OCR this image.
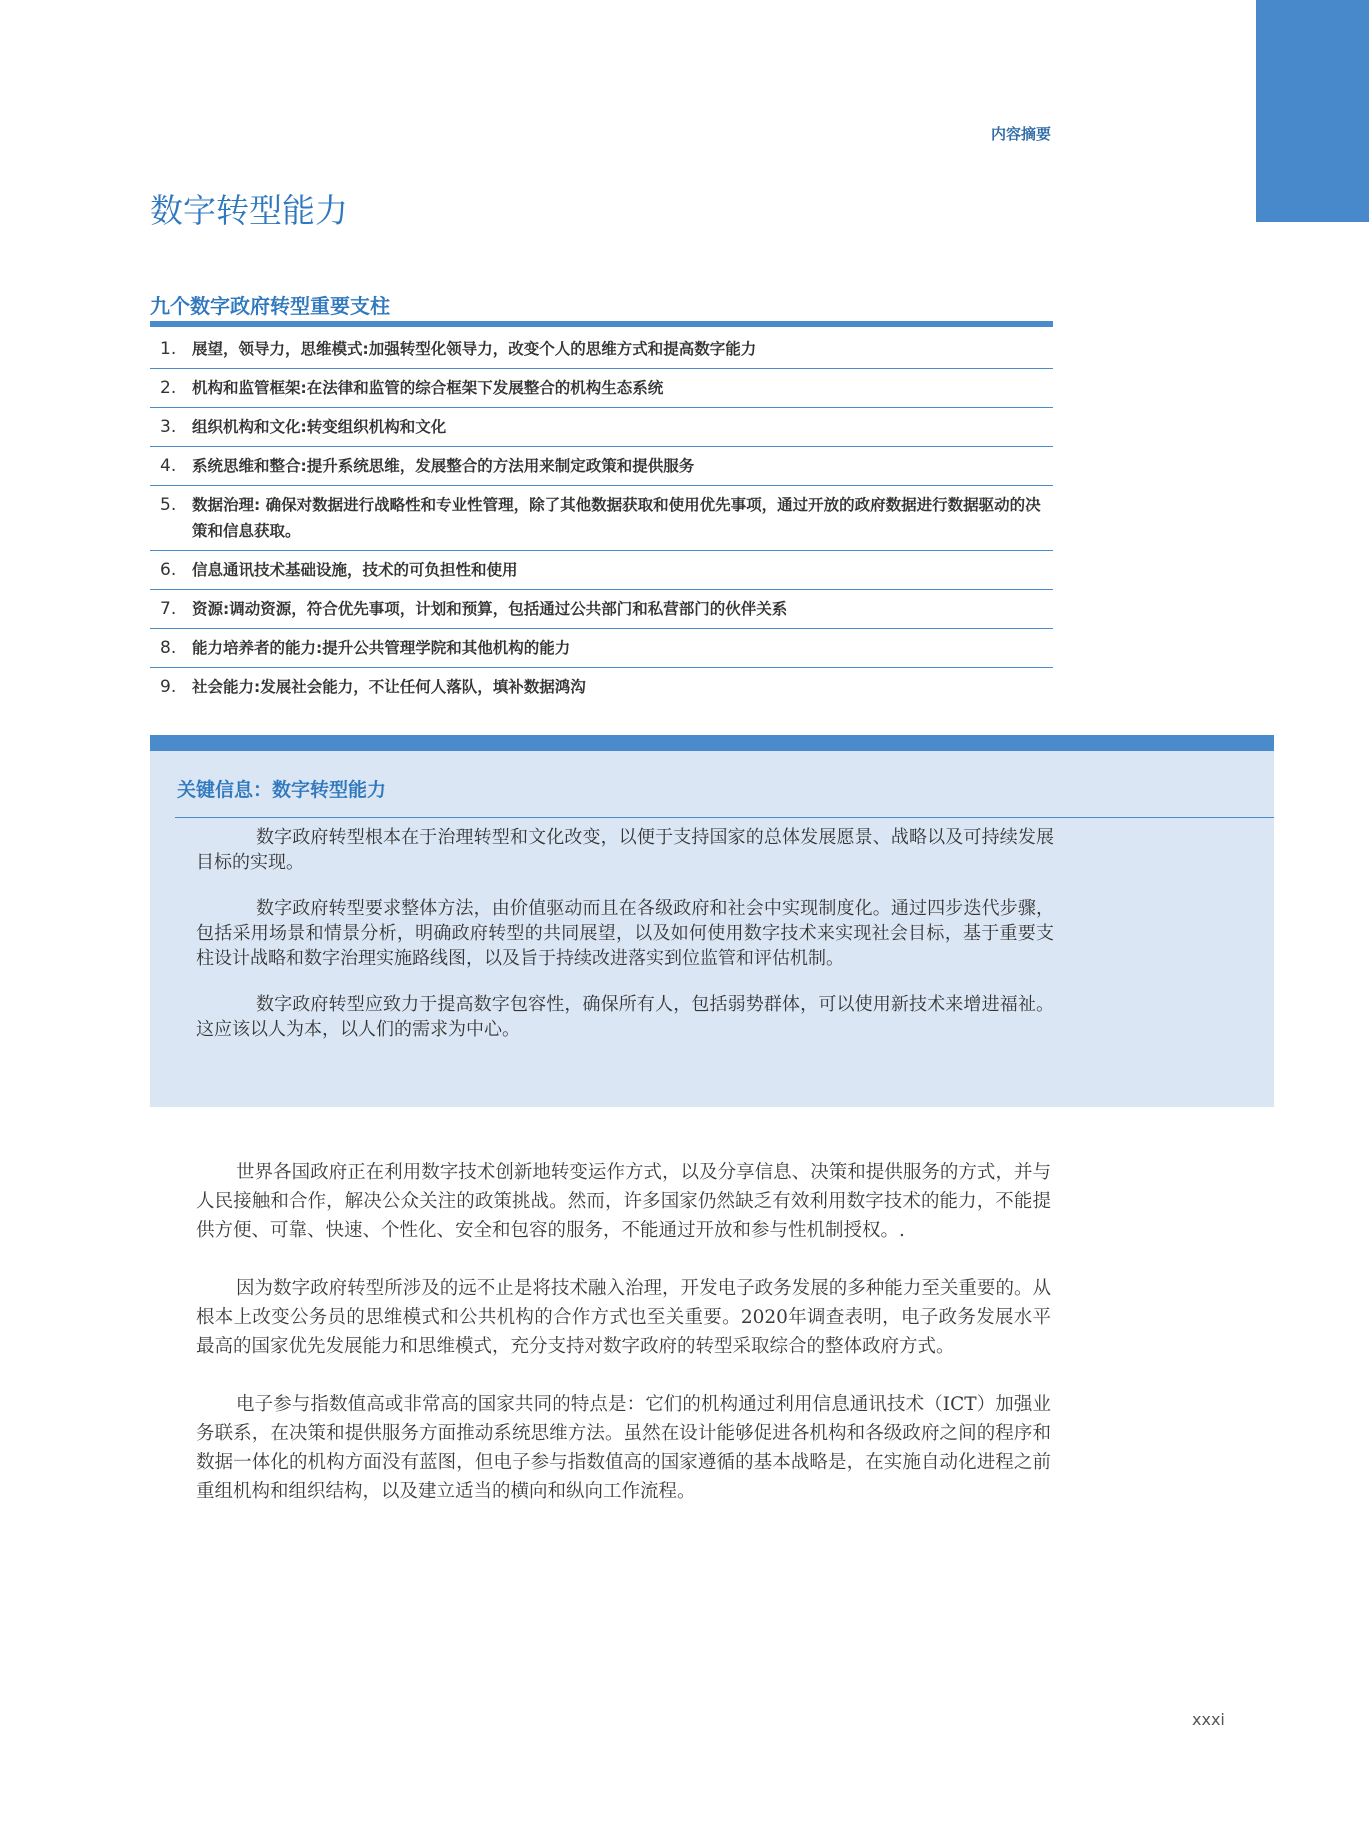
内容摘要
数字转型能力
九个数字政府转型重要支柱
1.	展望，领导力，思维模式:加强转型化领导力，改变个人的思维方式和提高数字能力
2.	机构和监管框架:在法律和监管的综合框架下发展整合的机构生态系统
3.	组织机构和文化:转变组织机构和文化
4.	系统思维和整合:提升系统思维，发展整合的方法用来制定政策和提供服务
5.	数据治理: 确保对数据进行战略性和专业性管理，除了其他数据获取和使用优先事项，通过开放的政府数据进行数据驱动的决策和信息获取。
6.	信息通讯技术基础设施，技术的可负担性和使用
7.	资源:调动资源，符合优先事项，计划和预算，包括通过公共部门和私营部门的伙伴关系
8.	能力培养者的能力:提升公共管理学院和其他机构的能力
9.	社会能力:发展社会能力，不让任何人落队，填补数据鸿沟
关键信息：数字转型能力

数字政府转型根本在于治理转型和文化改变，以便于支持国家的总体发展愿景、战略以及可持续发展目标的实现。

数字政府转型要求整体方法，由价值驱动而且在各级政府和社会中实现制度化。通过四步迭代步骤，包括采用场景和情景分析，明确政府转型的共同展望，以及如何使用数字技术来实现社会目标，基于重要支柱设计战略和数字治理实施路线图，以及旨于持续改进落实到位监管和评估机制。

数字政府转型应致力于提高数字包容性，确保所有人，包括弱势群体，可以使用新技术来增进福祉。这应该以人为本，以人们的需求为中心。

世界各国政府正在利用数字技术创新地转变运作方式，以及分享信息、决策和提供服务的方式，并与人民接触和合作，解决公众关注的政策挑战。然而，许多国家仍然缺乏有效利用数字技术的能力，不能提供方便、可靠、快速、个性化、安全和包容的服务，不能通过开放和参与性机制授权。.

因为数字政府转型所涉及的远不止是将技术融入治理，开发电子政务发展的多种能力至关重要的。从根本上改变公务员的思维模式和公共机构的合作方式也至关重要。2020年调查表明，电子政务发展水平最高的国家优先发展能力和思维模式，充分支持对数字政府的转型采取综合的整体政府方式。

电子参与指数值高或非常高的国家共同的特点是：它们的机构通过利用信息通讯技术（ICT）加强业务联系，在决策和提供服务方面推动系统思维方法。虽然在设计能够促进各机构和各级政府之间的程序和数据一体化的机构方面没有蓝图，但电子参与指数值高的国家遵循的基本战略是，在实施自动化进程之前重组机构和组织结构，以及建立适当的横向和纵向工作流程。

xxxi
